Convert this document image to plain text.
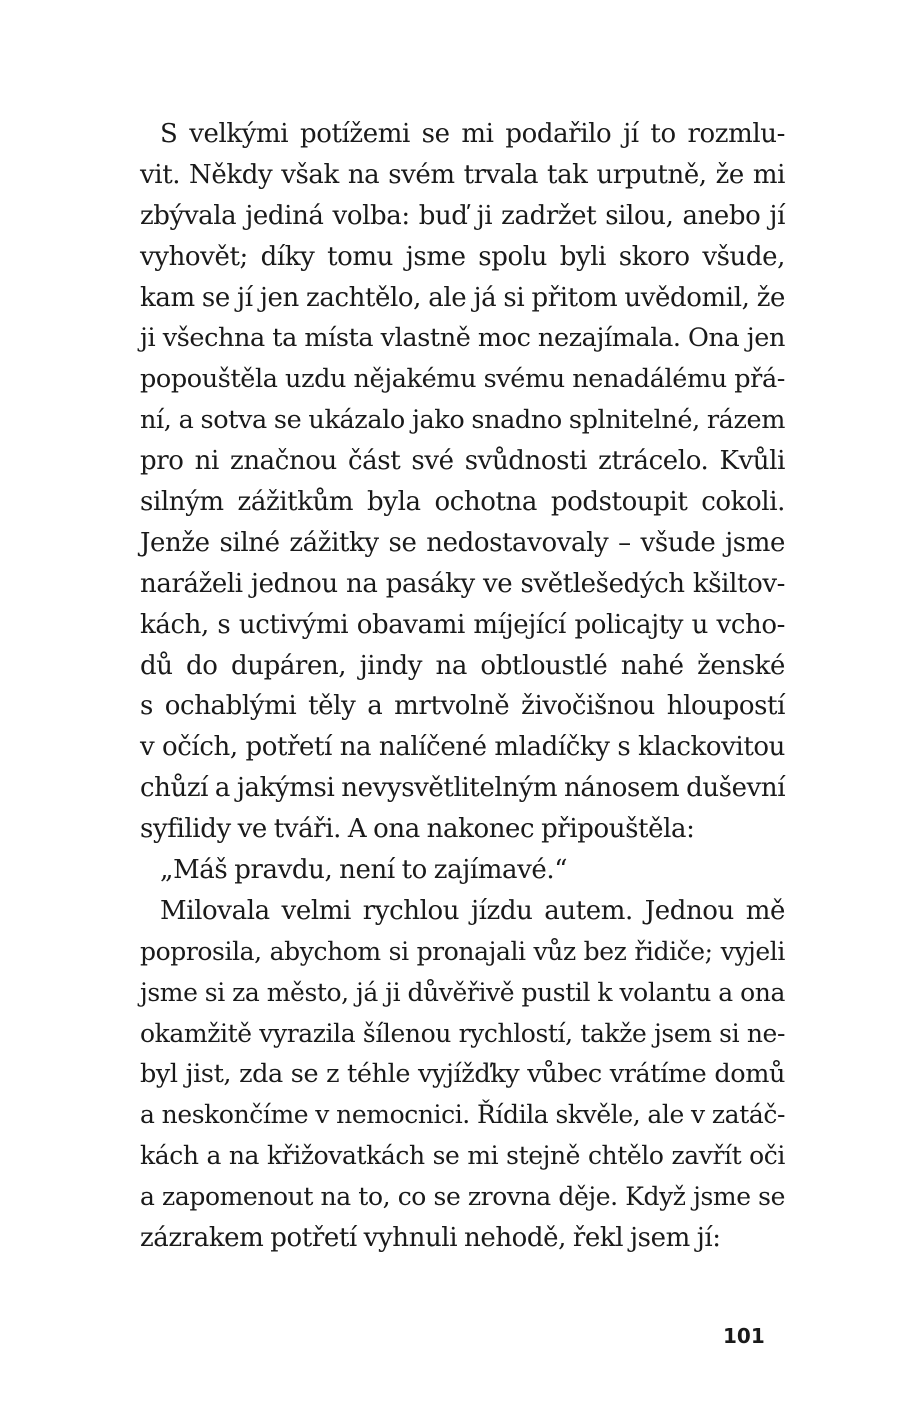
S velkými potížemi se mi podařilo jí to rozmlu-
vit. Někdy však na svém trvala tak urputně, že mi
zbývala jediná volba: buď ji zadržet silou, anebo jí
vyhovět; díky tomu jsme spolu byli skoro všude,
kam se jí jen zachtělo, ale já si přitom uvědomil, že
ji všechna ta místa vlastně moc nezajímala. Ona jen
popouštěla uzdu nějakému svému nenadálému přá-
ní, a sotva se ukázalo jako snadno splnitelné, rázem
pro ni značnou část své svůdnosti ztrácelo. Kvůli
silným zážitkům byla ochotna podstoupit cokoli.
Jenže silné zážitky se nedostavovaly – všude jsme
naráželi jednou na pasáky ve světlešedých kšiltov-
kách, s uctivými obavami míjející policajty u vcho-
dů do dupáren, jindy na obtloustlé nahé ženské
s ochablými těly a mrtvolně živočišnou hloupostí
v očích, potřetí na nalíčené mladíčky s klackovitou
chůzí a jakýmsi nevysvětlitelným nánosem duševní
syfilidy ve tváři. A ona nakonec připouštěla:
„Máš pravdu, není to zajímavé.“
Milovala velmi rychlou jízdu autem. Jednou mě
poprosila, abychom si pronajali vůz bez řidiče; vyjeli
jsme si za město, já ji důvěřivě pustil k volantu a ona
okamžitě vyrazila šílenou rychlostí, takže jsem si ne-
byl jist, zda se z téhle vyjížďky vůbec vrátíme domů
a neskončíme v nemocnici. Řídila skvěle, ale v zatáč-
kách a na křižovatkách se mi stejně chtělo zavřít oči
a zapomenout na to, co se zrovna děje. Když jsme se
zázrakem potřetí vyhnuli nehodě, řekl jsem jí:
101
